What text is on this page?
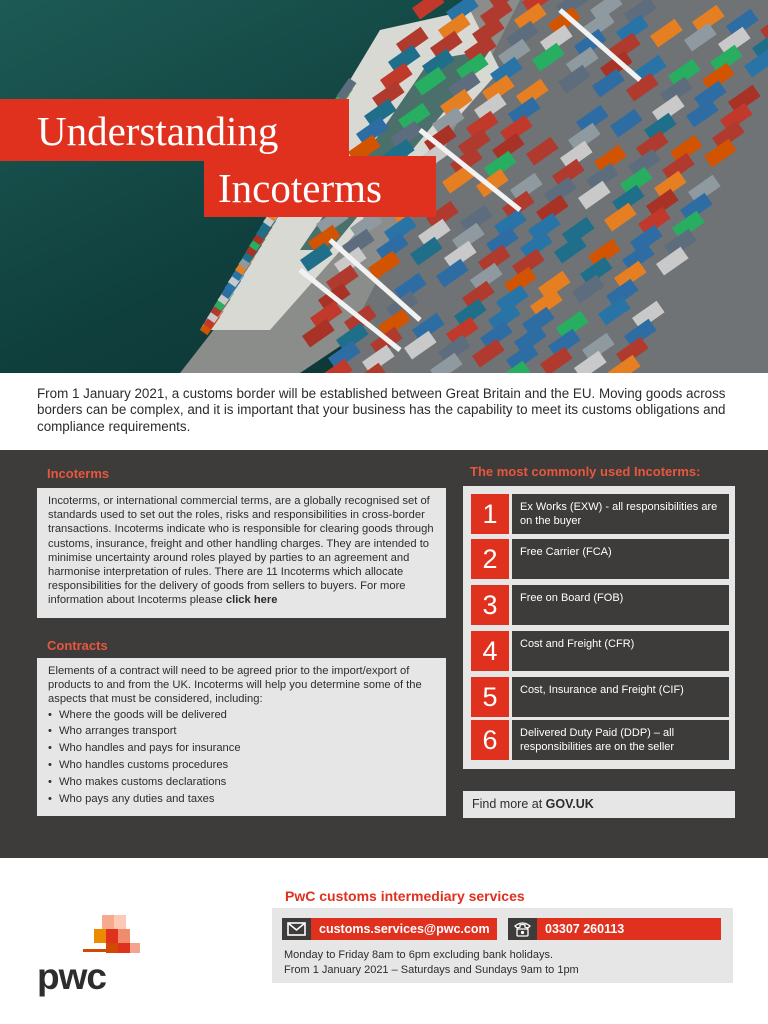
Understanding
Incoterms

From 1 January 2021, a customs border will be established between Great Britain and the EU. Moving goods across borders can be complex, and it is important that your business has the capability to meet its customs obligations and compliance requirements.

Incoterms
Incoterms, or international commercial terms, are a globally recognised set of standards used to set out the roles, risks and responsibilities in cross-border transactions. Incoterms indicate who is responsible for clearing goods through customs, insurance, freight and other handling charges. They are intended to minimise uncertainty around roles played by parties to an agreement and harmonise interpretation of rules. There are 11 Incoterms which allocate responsibilities for the delivery of goods from sellers to buyers. For more information about Incoterms please click here
Contracts
Elements of a contract will need to be agreed prior to the import/export of products to and from the UK. Incoterms will help you determine some of the aspects that must be considered, including:
• Where the goods will be delivered
• Who arranges transport
• Who handles and pays for insurance
• Who handles customs procedures
• Who makes customs declarations
• Who pays any duties and taxes
The most commonly used Incoterms:
1	Ex Works (EXW) - all responsibilities are on the buyer
2	Free Carrier (FCA)
3	Free on Board (FOB)
4	Cost and Freight (CFR)
5	Cost, Insurance and Freight (CIF)
6	Delivered Duty Paid (DDP) – all responsibilities are on the seller
Find more at GOV.UK
pwc
PwC customs intermediary services
customs.services@pwc.com	03307 260113
Monday to Friday 8am to 6pm excluding bank holidays.
From 1 January 2021 – Saturdays and Sundays 9am to 1pm
